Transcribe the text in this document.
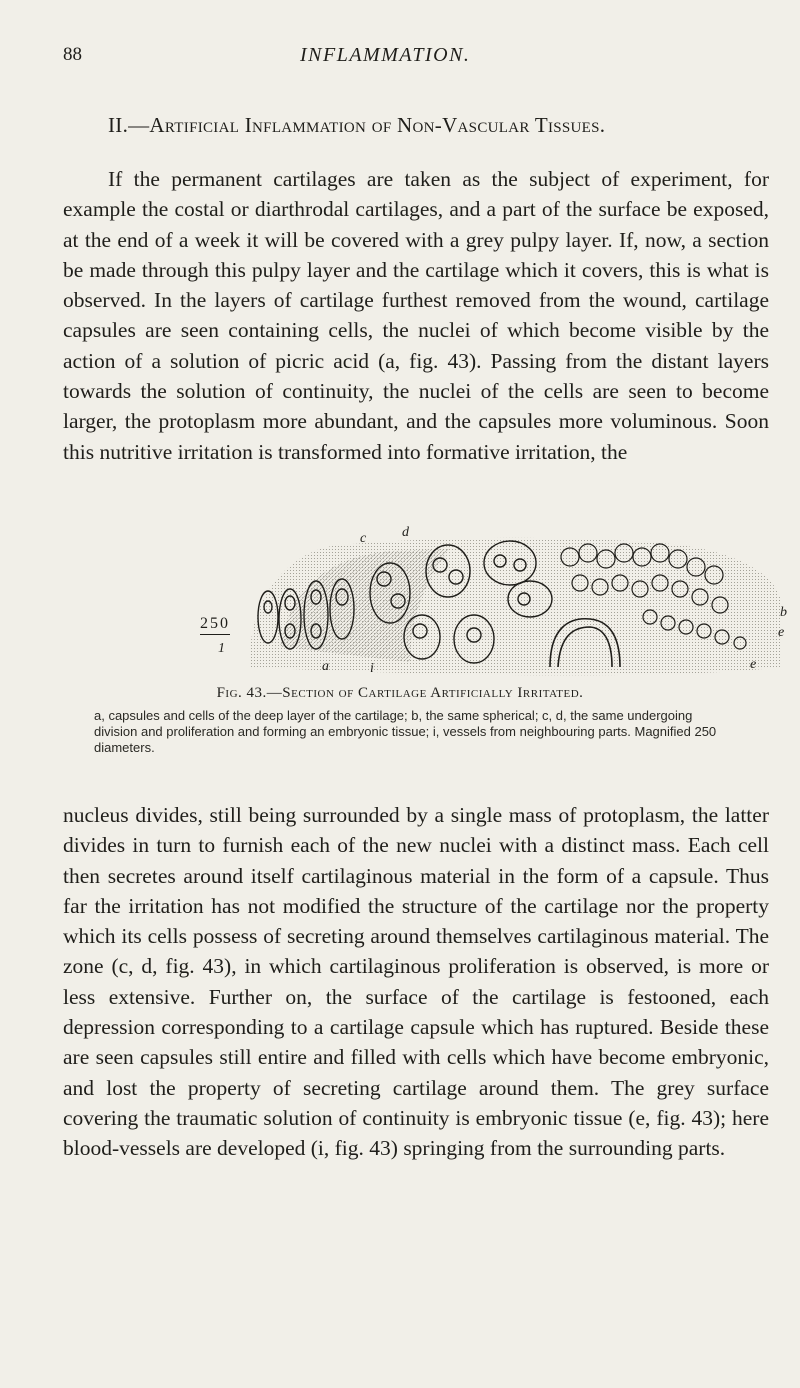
88	INFLAMMATION.
II.—Artificial Inflammation of Non-Vascular Tissues.

If the permanent cartilages are taken as the subject of experiment, for example the costal or diarthrodal cartilages, and a part of the surface be exposed, at the end of a week it will be covered with a grey pulpy layer. If, now, a section be made through this pulpy layer and the cartilage which it covers, this is what is observed. In the layers of cartilage furthest removed from the wound, cartilage capsules are seen containing cells, the nuclei of which become visible by the action of a solution of picric acid (a, fig. 43). Passing from the distant layers towards the solution of continuity, the nuclei of the cells are seen to become larger, the protoplasm more abundant, and the capsules more voluminous. Soon this nutritive irritation is transformed into formative irritation, the

250
1
c	d
a	i
b
e
e

Fig. 43.—Section of Cartilage Artificially Irritated.

a, capsules and cells of the deep layer of the cartilage; b, the same spherical; c, d, the same undergoing division and proliferation and forming an embryonic tissue; i, vessels from neighbouring parts. Magnified 250 diameters.

nucleus divides, still being surrounded by a single mass of protoplasm, the latter divides in turn to furnish each of the new nuclei with a distinct mass. Each cell then secretes around itself cartilaginous material in the form of a capsule. Thus far the irritation has not modified the structure of the cartilage nor the property which its cells possess of secreting around themselves cartilaginous material. The zone (c, d, fig. 43), in which cartilaginous proliferation is observed, is more or less extensive. Further on, the surface of the cartilage is festooned, each depression corresponding to a cartilage capsule which has ruptured. Beside these are seen capsules still entire and filled with cells which have become embryonic, and lost the property of secreting cartilage around them. The grey surface covering the traumatic solution of continuity is embryonic tissue (e, fig. 43); here blood-vessels are developed (i, fig. 43) springing from the surrounding parts.
